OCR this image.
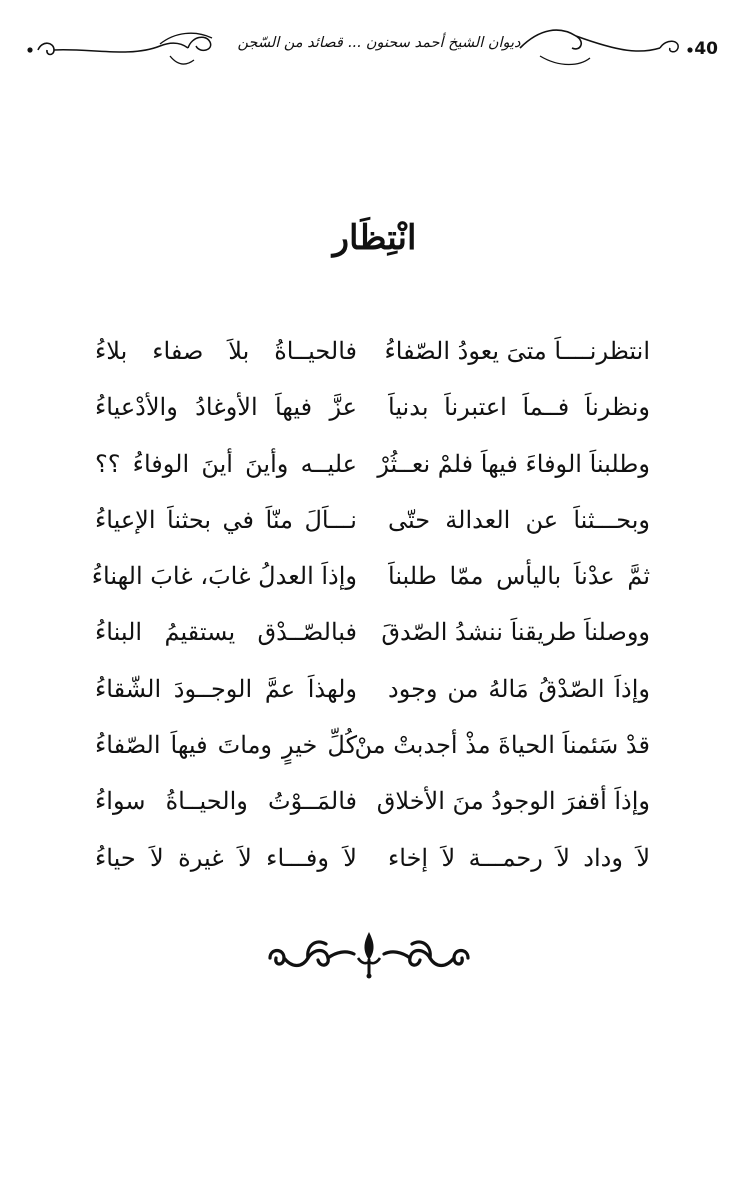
40
ديوان الشيخ أحمد سحنون ... قصائد من السّجن
انْتِظَار
انتظرنــــاَ متىَ يعودُ الصّفاءُ
فالحيــاةُ بلاَ صفاء بلاءُ
ونظرناَ فــماَ اعتبرناَ بدنياَ
عزَّ فيهاَ الأوغادُ والأدْعياءُ
وطلبناَ الوفاءَ فيهاَ فلمْ نعــثُرْ
عليــه وأينَ أينَ الوفاءُ ؟؟
وبحـــثناَ عن العدالة حتّى
نـــاَلَ منّاَ في بحثناَ الإعياءُ
ثمَّ عدْناَ باليأس ممّا طلبناَ
وإذاَ العدلُ غابَ، غابَ الهناءُ
ووصلناَ طريقناَ ننشدُ الصّدقَ
فبالصّــدْق يستقيمُ البناءُ
وإذاَ الصّدْقُ مَالهُ من وجود
ولهذاَ عمَّ الوجــودَ الشّقاءُ
قدْ سَئمناَ الحياةَ مذْ أجدبتْ منْ
كُلِّ خيرٍ وماتَ فيهاَ الصّفاءُ
وإذاَ أقفرَ الوجودُ منَ الأخلاق
فالمَــوْتُ والحيــاةُ سواءُ
لاَ وداد لاَ رحمـــة لاَ إخاء
لاَ وفـــاء لاَ غيرة لاَ حياءُ
